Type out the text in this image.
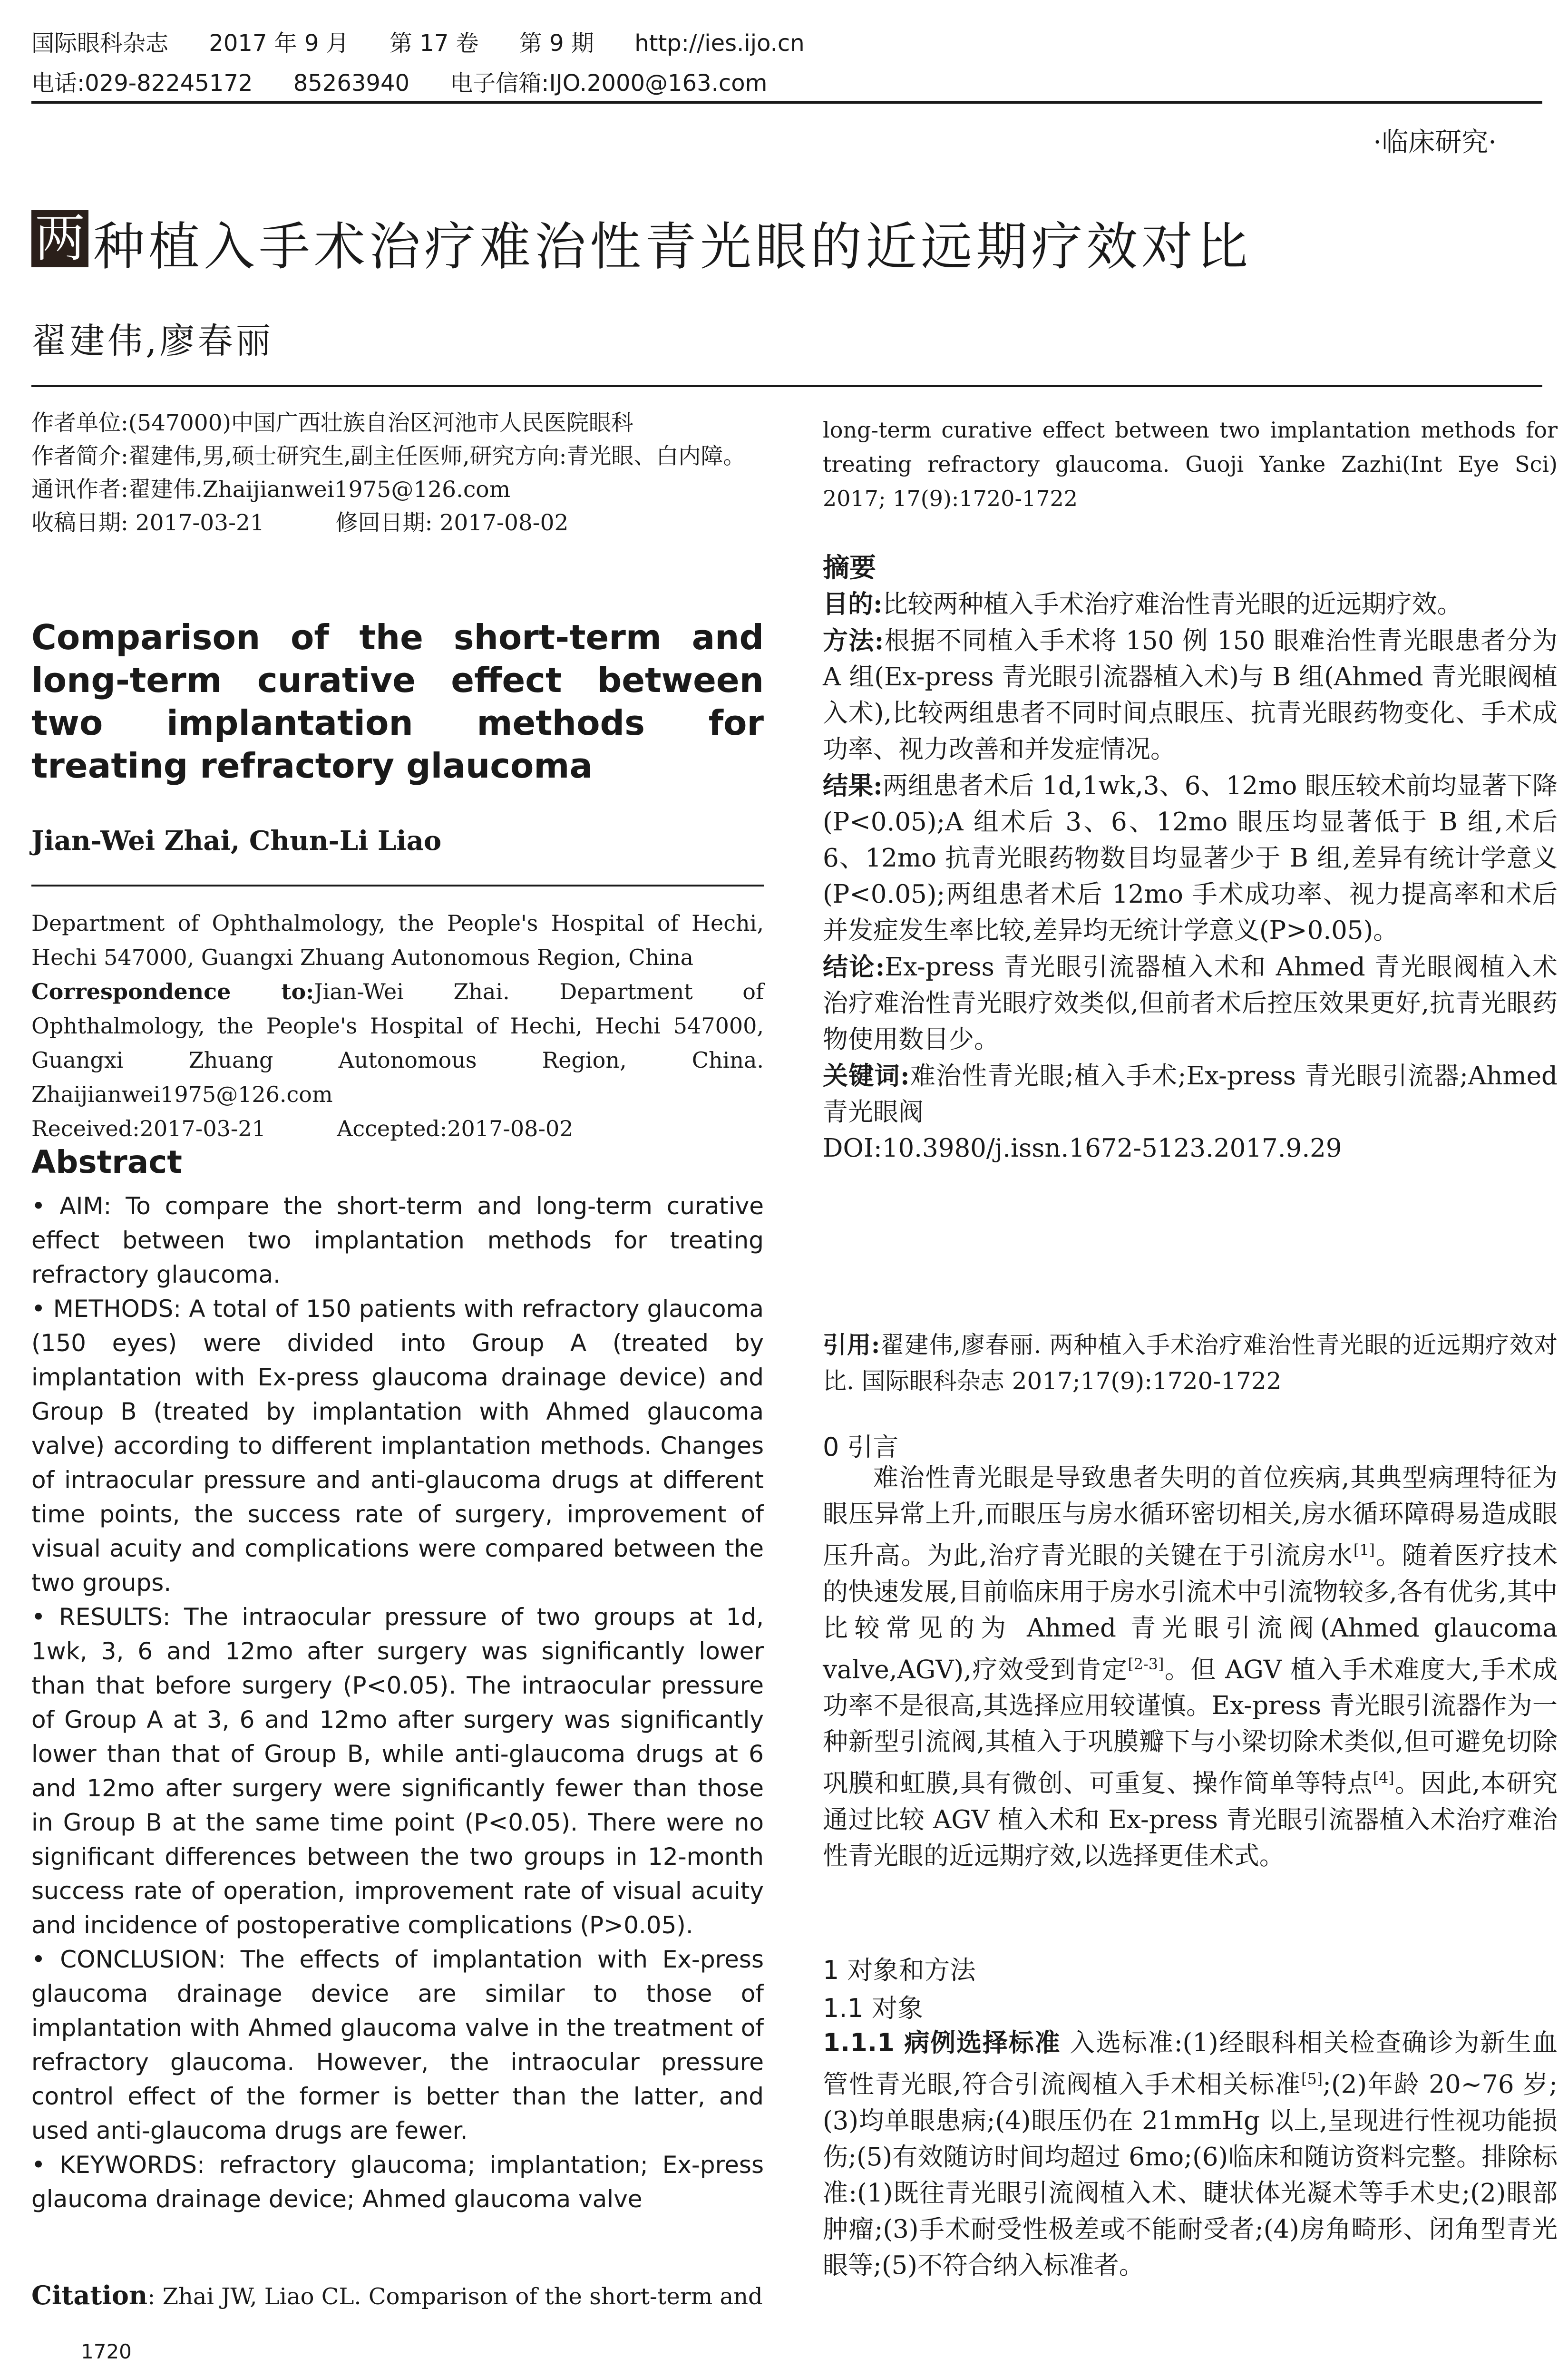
国际眼科杂志 2017 年 9 月 第 17 卷 第 9 期 http://ies.ijo.cn
电话:029-82245172 85263940 电子信箱:IJO.2000@163.com
·临床研究·
两 种植入手术治疗难治性青光眼的近远期疗效对比
翟建伟,廖春丽

作者单位:(547000)中国广西壮族自治区河池市人民医院眼科

作者简介:翟建伟,男,硕士研究生,副主任医师,研究方向:青光眼、白内障。

通讯作者:翟建伟.Zhaijianwei1975@126.com

收稿日期: 2017-03-21	修回日期: 2017-08-02

Comparison of the short-term and long-term curative effect between two implantation methods for treating refractory glaucoma
Jian-Wei Zhai, Chun-Li Liao

Department of Ophthalmology, the People's Hospital of Hechi, Hechi 547000, Guangxi Zhuang Autonomous Region, China

Correspondence to:Jian-Wei Zhai. Department of Ophthalmology, the People's Hospital of Hechi, Hechi 547000, Guangxi Zhuang Autonomous Region, China. Zhaijianwei1975@126.com

Received:2017-03-21	Accepted:2017-08-02

Abstract

• AIM: To compare the short-term and long-term curative effect between two implantation methods for treating refractory glaucoma.

• METHODS: A total of 150 patients with refractory glaucoma (150 eyes) were divided into Group A (treated by implantation with Ex-press glaucoma drainage device) and Group B (treated by implantation with Ahmed glaucoma valve) according to different implantation methods. Changes of intraocular pressure and anti-glaucoma drugs at different time points, the success rate of surgery, improvement of visual acuity and complications were compared between the two groups.

• RESULTS: The intraocular pressure of two groups at 1d, 1wk, 3, 6 and 12mo after surgery was significantly lower than that before surgery (P<0.05). The intraocular pressure of Group A at 3, 6 and 12mo after surgery was significantly lower than that of Group B, while anti-glaucoma drugs at 6 and 12mo after surgery were significantly fewer than those in Group B at the same time point (P<0.05). There were no significant differences between the two groups in 12-month success rate of operation, improvement rate of visual acuity and incidence of postoperative complications (P>0.05).

• CONCLUSION: The effects of implantation with Ex-press glaucoma drainage device are similar to those of implantation with Ahmed glaucoma valve in the treatment of refractory glaucoma. However, the intraocular pressure control effect of the former is better than the latter, and used anti-glaucoma drugs are fewer.

• KEYWORDS: refractory glaucoma; implantation; Ex-press glaucoma drainage device; Ahmed glaucoma valve

Citation: Zhai JW, Liao CL. Comparison of the short-term and
1720
long-term curative effect between two implantation methods for treating refractory glaucoma. Guoji Yanke Zazhi(Int Eye Sci) 2017; 17(9):1720-1722
摘要

目的:比较两种植入手术治疗难治性青光眼的近远期疗效。

方法:根据不同植入手术将 150 例 150 眼难治性青光眼患者分为 A 组(Ex-press 青光眼引流器植入术)与 B 组(Ahmed 青光眼阀植入术),比较两组患者不同时间点眼压、抗青光眼药物变化、手术成功率、视力改善和并发症情况。

结果:两组患者术后 1d,1wk,3、6、12mo 眼压较术前均显著下降(P<0.05);A 组术后 3、6、12mo 眼压均显著低于 B 组,术后 6、12mo 抗青光眼药物数目均显著少于 B 组,差异有统计学意义(P<0.05);两组患者术后 12mo 手术成功率、视力提高率和术后并发症发生率比较,差异均无统计学意义(P>0.05)。

结论:Ex-press 青光眼引流器植入术和 Ahmed 青光眼阀植入术治疗难治性青光眼疗效类似,但前者术后控压效果更好,抗青光眼药物使用数目少。

关键词:难治性青光眼;植入手术;Ex-press 青光眼引流器;Ahmed 青光眼阀

DOI:10.3980/j.issn.1672-5123.2017.9.29

引用:翟建伟,廖春丽. 两种植入手术治疗难治性青光眼的近远期疗效对比. 国际眼科杂志 2017;17(9):1720-1722
0 引言

难治性青光眼是导致患者失明的首位疾病,其典型病理特征为眼压异常上升,而眼压与房水循环密切相关,房水循环障碍易造成眼压升高。为此,治疗青光眼的关键在于引流房水[1]。随着医疗技术的快速发展,目前临床用于房水引流术中引流物较多,各有优劣,其中比较常见的为 Ahmed 青光眼引流阀(Ahmed glaucoma valve,AGV),疗效受到肯定[2-3]。但 AGV 植入手术难度大,手术成功率不是很高,其选择应用较谨慎。Ex-press 青光眼引流器作为一种新型引流阀,其植入于巩膜瓣下与小梁切除术类似,但可避免切除巩膜和虹膜,具有微创、可重复、操作简单等特点[4]。因此,本研究通过比较 AGV 植入术和 Ex-press 青光眼引流器植入术治疗难治性青光眼的近远期疗效,以选择更佳术式。

1 对象和方法
1.1 对象
1.1.1 病例选择标准 入选标准:(1)经眼科相关检查确诊为新生血管性青光眼,符合引流阀植入手术相关标准[5];(2)年龄 20~76 岁;(3)均单眼患病;(4)眼压仍在 21mmHg 以上,呈现进行性视功能损伤;(5)有效随访时间均超过 6mo;(6)临床和随访资料完整。排除标准:(1)既往青光眼引流阀植入术、睫状体光凝术等手术史;(2)眼部肿瘤;(3)手术耐受性极差或不能耐受者;(4)房角畸形、闭角型青光眼等;(5)不符合纳入标准者。
